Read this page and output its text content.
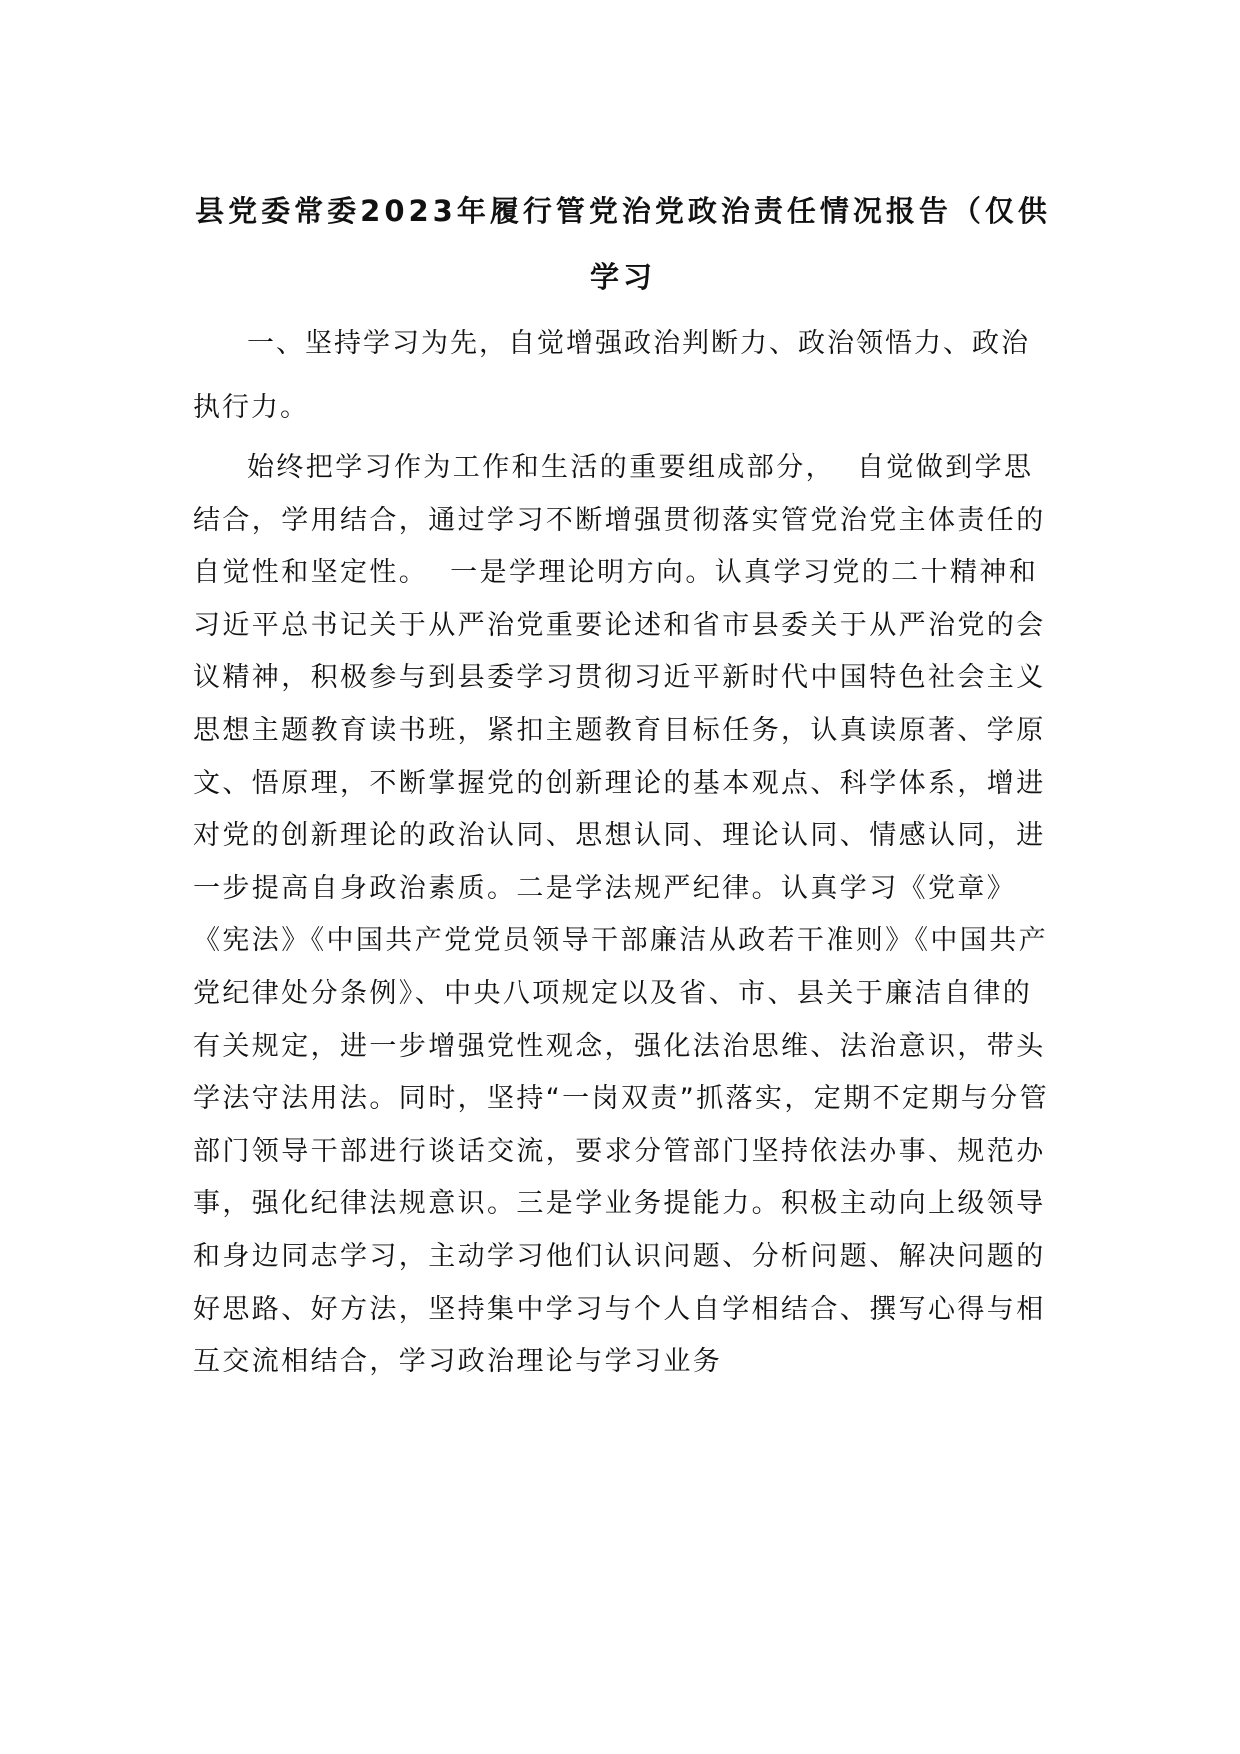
县党委常委2023年履行管党治党政治责任情况报告（仅供学习
一、坚持学习为先，自觉增强政治判断力、政治领悟力、政治执行力。
始终把学习作为工作和生活的重要组成部分，  自觉做到学思结合，学用结合，通过学习不断增强贯彻落实管党治党主体责任的自觉性和坚定性。  一是学理论明方向。认真学习党的二十精神和习近平总书记关于从严治党重要论述和省市县委关于从严治党的会议精神，积极参与到县委学习贯彻习近平新时代中国特色社会主义思想主题教育读书班，紧扣主题教育目标任务，认真读原著、学原文、悟原理，不断掌握党的创新理论的基本观点、科学体系，增进对党的创新理论的政治认同、思想认同、理论认同、情感认同，进一步提高自身政治素质。二是学法规严纪律。认真学习《党章》《宪法》《中国共产党党员领导干部廉洁从政若干准则》《中国共产党纪律处分条例》、中央八项规定以及省、市、县关于廉洁自律的有关规定，进一步增强党性观念，强化法治思维、法治意识，带头学法守法用法。同时，坚持“一岗双责”抓落实，定期不定期与分管部门领导干部进行谈话交流，要求分管部门坚持依法办事、规范办事，强化纪律法规意识。三是学业务提能力。积极主动向上级领导和身边同志学习，主动学习他们认识问题、分析问题、解决问题的好思路、好方法，坚持集中学习与个人自学相结合、撰写心得与相互交流相结合，学习政治理论与学习业务
